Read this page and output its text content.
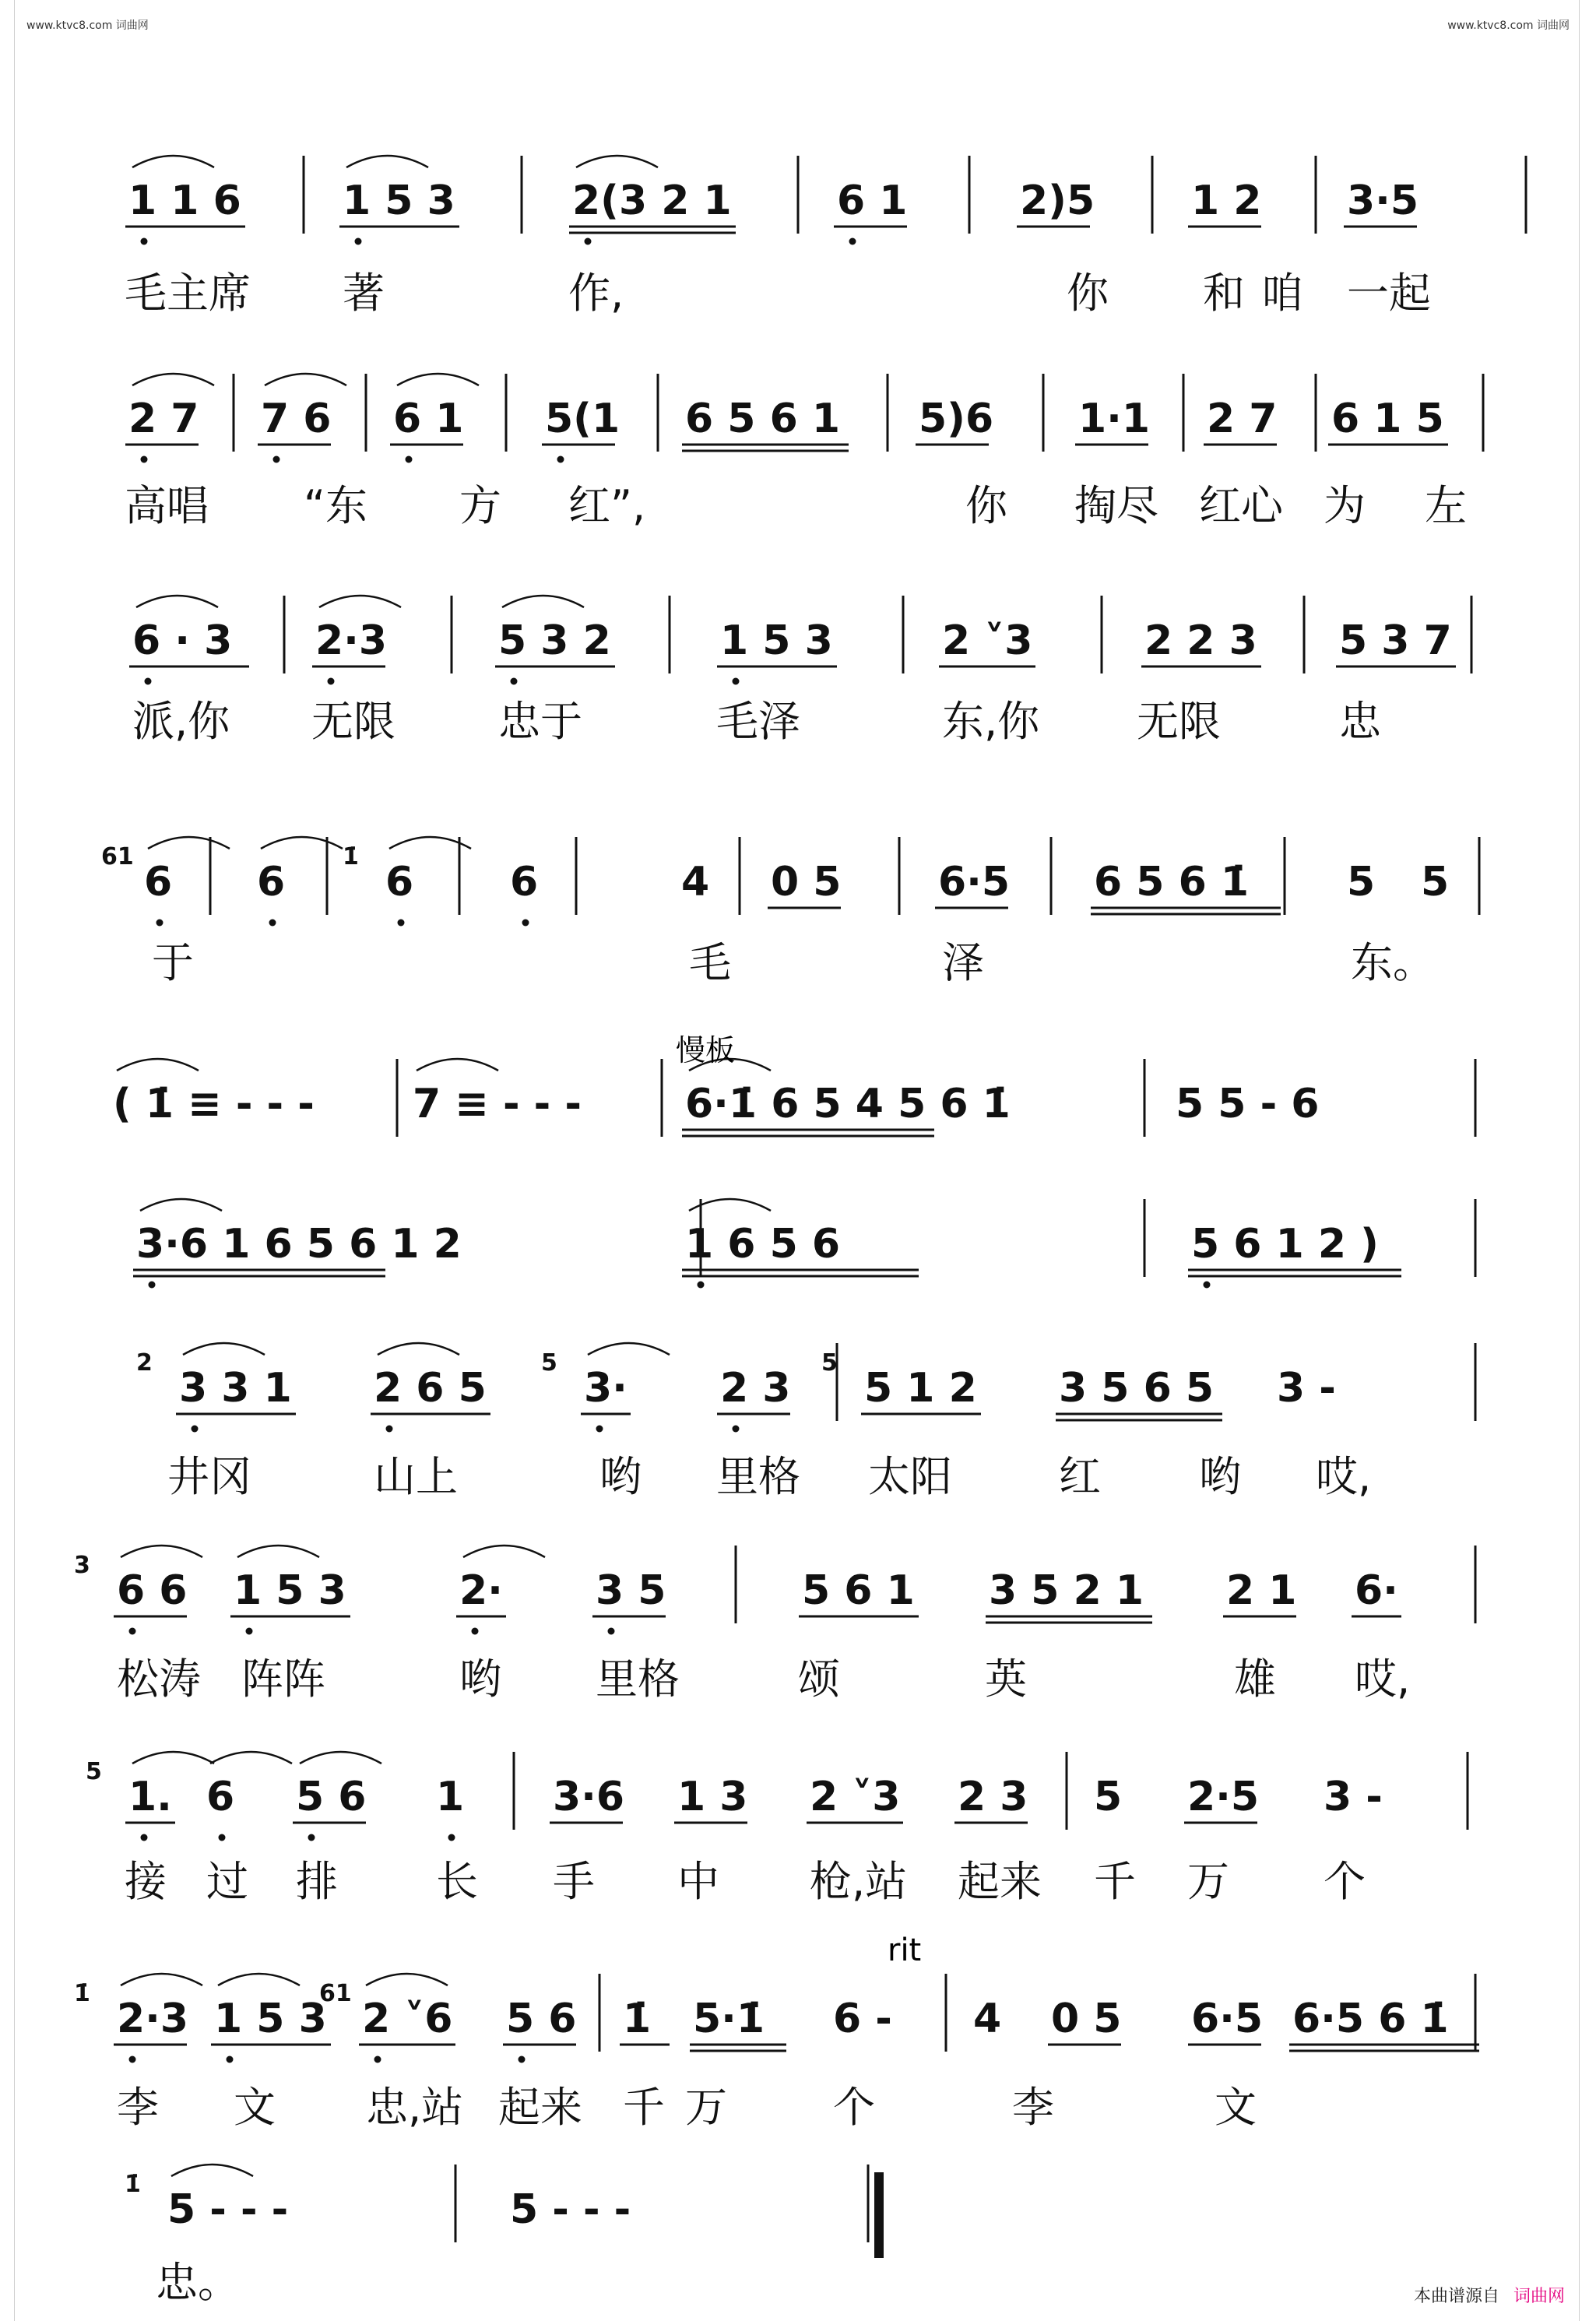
www.ktvc8.com 词曲网	www.ktvc8.com 词曲网
1 1 6	1 5 3	2(3 2 1	6 1	2)5 1 2 3·5
毛主席 著	作,	你 和 咱 一起
2 7 7 6 6 1 5(1 6 5 6 1 5)6 1·1 2 7 6 1 5
高唱 “东 方 红”,	你 掏尽 红心 为 左
6 · 3 2·3	5 3 2	1 5 3	2 ˅3	2 2 3 5 3 7
派,你 无限 忠于	毛泽	东,你 无限	忠
6 6 6 6	4 0 5 6·5 6 5 6 1̇ 5 5
于	毛	泽	东。
61	1̇
( 1̇ ≡ - - - 7 ≡ - - -	6·1̇ 6 5 4 5 6 1̇	5 5 - 6
3·6 1 6 5 6 1 2	1 6 5 6	5 6 1 2 )
3 3 1 2 6 5 3· 2 3 5 1 2 3 5 6 5 3 -
井冈	山上	哟 里格 太阳	红 哟 哎,
2	5	5
6 6 1 5 3	2· 3 5	5 6 1 3 5 2 1 2 1 6·
松涛 阵阵	哟 里格	颂	英	雄 哎,
3
1. 6 5 6 1 3·6 1 3 2 ˅3 2 3 5 2·5 3 -
接 过 排 长 手 中 枪,站 起来 千 万 个
5
2·3 1 5 3 2 ˅6 5 6 1̇ 5·1̇ 6 - 4 0 5 6·5 6·5 6 1̇
李 文 忠,站 起来 千 万	个	李	文
1̇	61
5 - - -	5 - - -
忠。
1̇
慢板
rit
本曲谱源自 词曲网
